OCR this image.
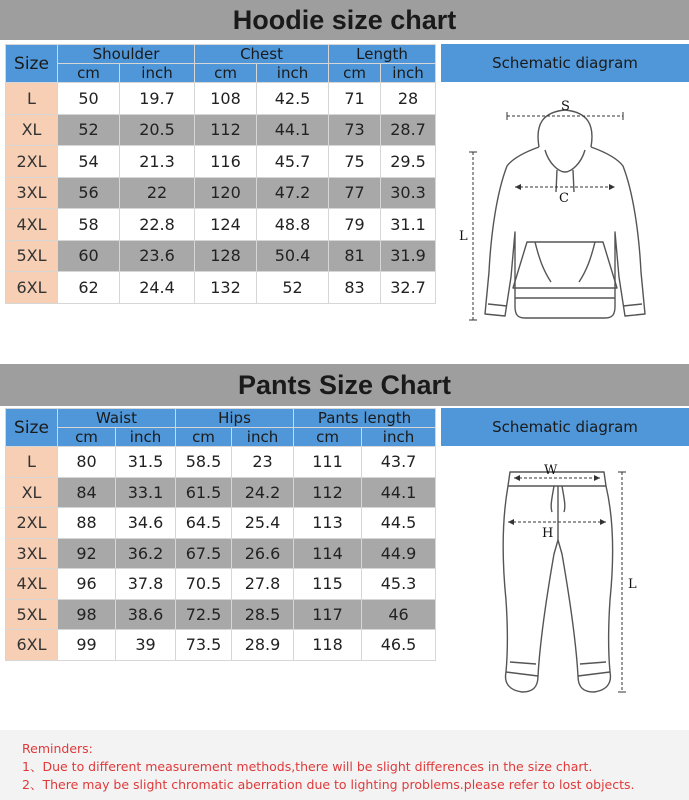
Hoodie size chart
Size	Shoulder		Chest		Length	
	cm	inch	cm	inch	cm	inch
L	50	19.7	108	42.5	71	28
XL	52	20.5	112	44.1	73	28.7
2XL	54	21.3	116	45.7	75	29.5
3XL	56	22	120	47.2	77	30.3
4XL	58	22.8	124	48.8	79	31.1
5XL	60	23.6	128	50.4	81	31.9
6XL	62	24.4	132	52	83	32.7
Schematic diagram
S
C
L
Pants Size Chart
Size	Waist		Hips		Pants length	
	cm	inch	cm	inch	cm	inch
L	80	31.5	58.5	23	111	43.7
XL	84	33.1	61.5	24.2	112	44.1
2XL	88	34.6	64.5	25.4	113	44.5
3XL	92	36.2	67.5	26.6	114	44.9
4XL	96	37.8	70.5	27.8	115	45.3
5XL	98	38.6	72.5	28.5	117	46
6XL	99	39	73.5	28.9	118	46.5
Schematic diagram
W
H
L
Reminders:
1、Due to different measurement methods,there will be slight differences in the size chart.
2、There may be slight chromatic aberration due to lighting problems.please refer to lost objects.
